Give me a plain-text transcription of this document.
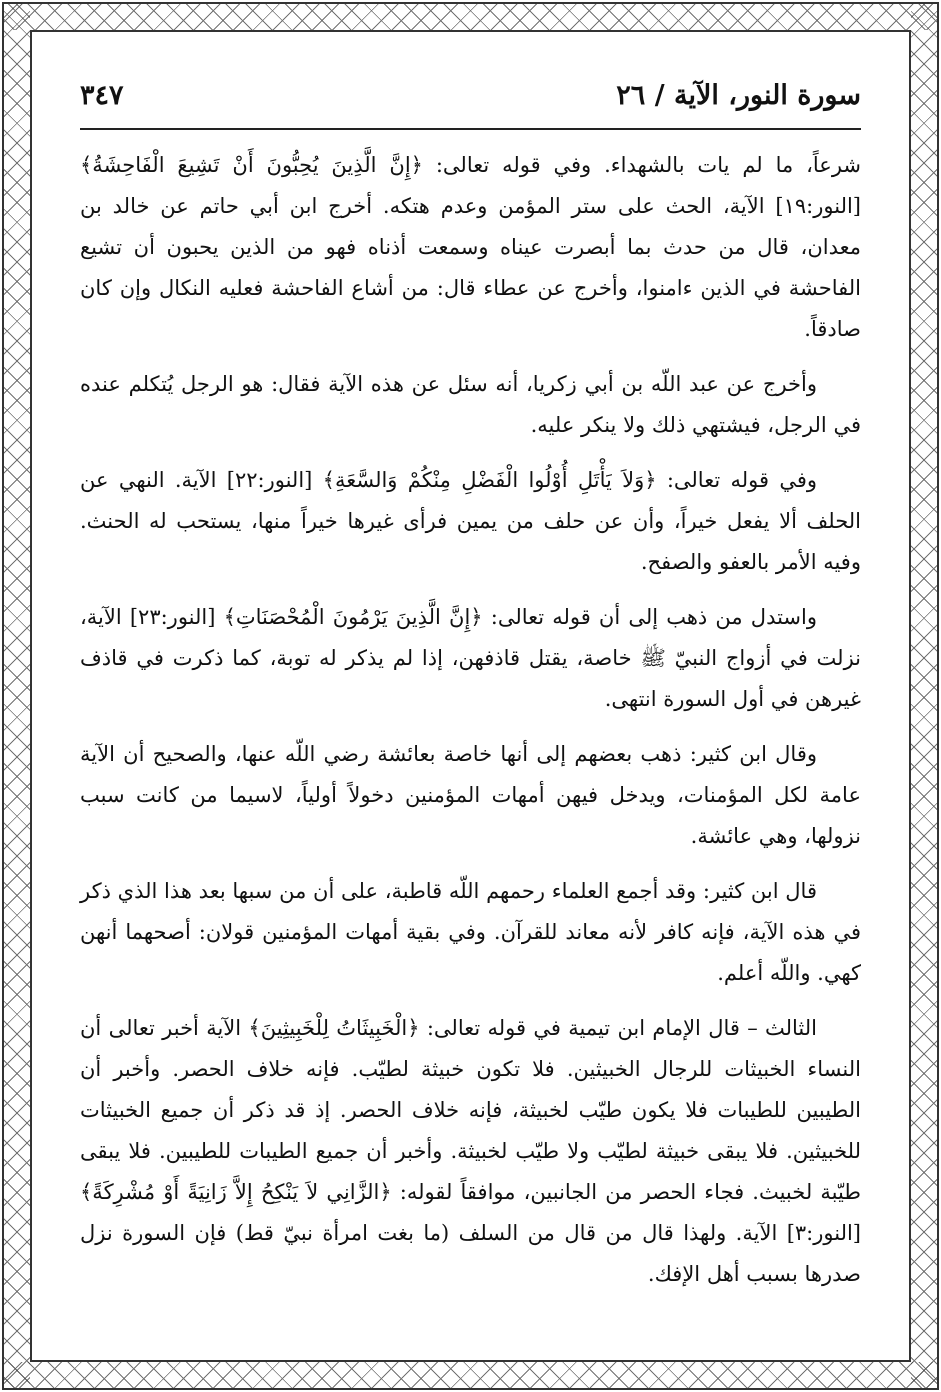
سورة النور، الآية / ٢٦
٣٤٧

شرعاً، ما لم يات بالشهداء. وفي قوله تعالى: ﴿إِنَّ الَّذِينَ يُحِبُّونَ أَنْ تَشِيعَ الْفَاحِشَةُ﴾ [النور:١٩] الآية، الحث على ستر المؤمن وعدم هتكه. أخرج ابن أبي حاتم عن خالد بن معدان، قال من حدث بما أبصرت عيناه وسمعت أذناه فهو من الذين يحبون أن تشيع الفاحشة في الذين ءامنوا، وأخرج عن عطاء قال: من أشاع الفاحشة فعليه النكال وإن كان صادقاً.

وأخرج عن عبد اللّه بن أبي زكريا، أنه سئل عن هذه الآية فقال: هو الرجل يُتكلم عنده في الرجل، فيشتهي ذلك ولا ينكر عليه.

وفي قوله تعالى: ﴿وَلاَ يَأْتَلِ أُوْلُوا الْفَضْلِ مِنْكُمْ وَالسَّعَةِ﴾ [النور:٢٢] الآية. النهي عن الحلف ألا يفعل خيراً، وأن عن حلف من يمين فرأى غيرها خيراً منها، يستحب له الحنث. وفيه الأمر بالعفو والصفح.

واستدل من ذهب إلى أن قوله تعالى: ﴿إِنَّ الَّذِينَ يَرْمُونَ الْمُحْصَنَاتِ﴾ [النور:٢٣] الآية، نزلت في أزواج النبيّ ﷺ خاصة، يقتل قاذفهن، إذا لم يذكر له توبة، كما ذكرت في قاذف غيرهن في أول السورة انتهى.

وقال ابن كثير: ذهب بعضهم إلى أنها خاصة بعائشة رضي اللّه عنها، والصحيح أن الآية عامة لكل المؤمنات، ويدخل فيهن أمهات المؤمنين دخولاً أولياً، لاسيما من كانت سبب نزولها، وهي عائشة.

قال ابن كثير: وقد أجمع العلماء رحمهم اللّه قاطبة، على أن من سبها بعد هذا الذي ذكر في هذه الآية، فإنه كافر لأنه معاند للقرآن. وفي بقية أمهات المؤمنين قولان: أصحهما أنهن كهي. واللّه أعلم.

الثالث – قال الإمام ابن تيمية في قوله تعالى: ﴿الْخَبِيثَاتُ لِلْخَبِيثِينَ﴾ الآية أخبر تعالى أن النساء الخبيثات للرجال الخبيثين. فلا تكون خبيثة لطيّب. فإنه خلاف الحصر. وأخبر أن الطيبين للطيبات فلا يكون طيّب لخبيثة، فإنه خلاف الحصر. إذ قد ذكر أن جميع الخبيثات للخبيثين. فلا يبقى خبيثة لطيّب ولا طيّب لخبيثة. وأخبر أن جميع الطيبات للطيبين. فلا يبقى طيّبة لخبيث. فجاء الحصر من الجانبين، موافقاً لقوله: ﴿الزَّانِي لاَ يَنْكِحُ إِلاَّ زَانِيَةً أَوْ مُشْرِكَةً﴾ [النور:٣] الآية. ولهذا قال من قال من السلف (ما بغت امرأة نبيّ قط) فإن السورة نزل صدرها بسبب أهل الإفك.
